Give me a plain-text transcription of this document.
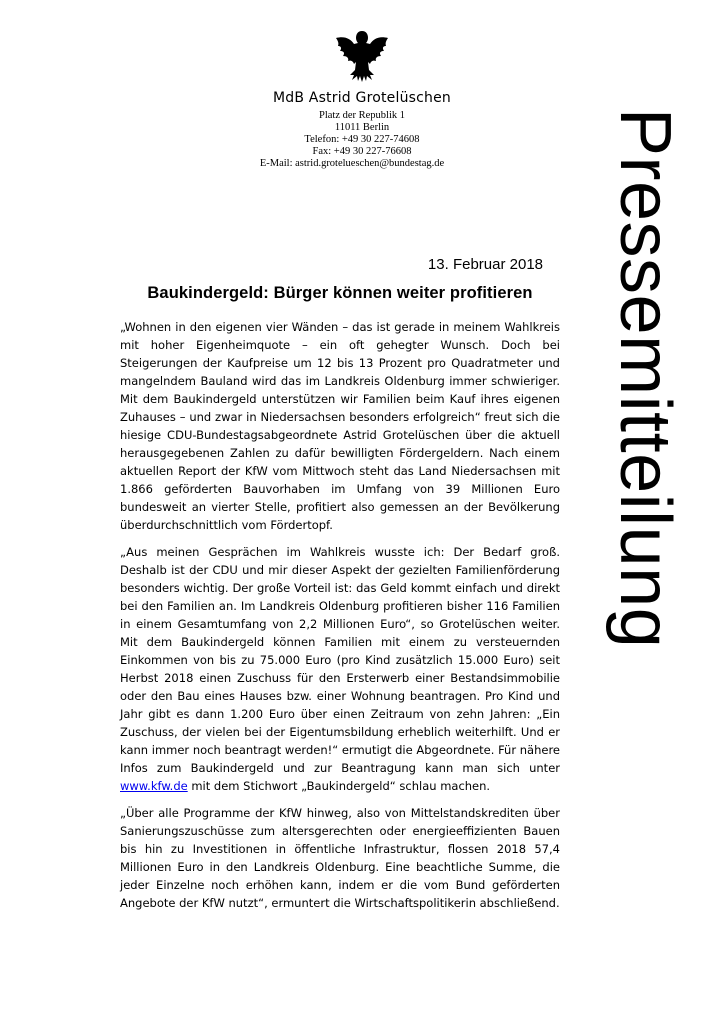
MdB Astrid Grotelüschen
Platz der Republik 1
11011 Berlin
Telefon: +49 30 227-74608
Fax: +49 30 227-76608
E-Mail: astrid.grotelueschen@bundestag.de	Pressemitteilung
13. Februar 2018
Baukindergeld: Bürger können weiter profitieren

„Wohnen in den eigenen vier Wänden – das ist gerade in meinem Wahlkreis mit hoher Eigenheimquote – ein oft gehegter Wunsch. Doch bei Steigerungen der Kaufpreise um 12 bis 13 Prozent pro Quadratmeter und mangelndem Bauland wird das im Landkreis Oldenburg immer schwieriger. Mit dem Baukindergeld unterstützen wir Familien beim Kauf ihres eigenen Zuhauses – und zwar in Niedersachsen besonders erfolgreich“ freut sich die hiesige CDU-Bundestagsabgeordnete Astrid Grotelüschen über die aktuell herausgegebenen Zahlen zu dafür bewilligten Fördergeldern. Nach einem aktuellen Report der KfW vom Mittwoch steht das Land Niedersachsen mit 1.866 geförderten Bauvorhaben im Umfang von 39 Millionen Euro bundesweit an vierter Stelle, profitiert also gemessen an der Bevölkerung überdurchschnittlich vom Fördertopf.

„Aus meinen Gesprächen im Wahlkreis wusste ich: Der Bedarf groß. Deshalb ist der CDU und mir dieser Aspekt der gezielten Familienförderung besonders wichtig. Der große Vorteil ist: das Geld kommt einfach und direkt bei den Familien an. Im Landkreis Oldenburg profitieren bisher 116 Familien in einem Gesamtumfang von 2,2 Millionen Euro“, so Grotelüschen weiter. Mit dem Baukindergeld können Familien mit einem zu versteuernden Einkommen von bis zu 75.000 Euro (pro Kind zusätzlich 15.000 Euro) seit Herbst 2018 einen Zuschuss für den Ersterwerb einer Bestandsimmobilie oder den Bau eines Hauses bzw. einer Wohnung beantragen. Pro Kind und Jahr gibt es dann 1.200 Euro über einen Zeitraum von zehn Jahren: „Ein Zuschuss, der vielen bei der Eigentumsbildung erheblich weiterhilft. Und er kann immer noch beantragt werden!“ ermutigt die Abgeordnete. Für nähere Infos zum Baukindergeld und zur Beantragung kann man sich unter www.kfw.de mit dem Stichwort „Baukindergeld“ schlau machen.

„Über alle Programme der KfW hinweg, also von Mittelstandskrediten über Sanierungszuschüsse zum altersgerechten oder energieeffizienten Bauen bis hin zu Investitionen in öffentliche Infrastruktur, flossen 2018 57,4 Millionen Euro in den Landkreis Oldenburg. Eine beachtliche Summe, die jeder Einzelne noch erhöhen kann, indem er die vom Bund geförderten Angebote der KfW nutzt“, ermuntert die Wirtschaftspolitikerin abschließend.
